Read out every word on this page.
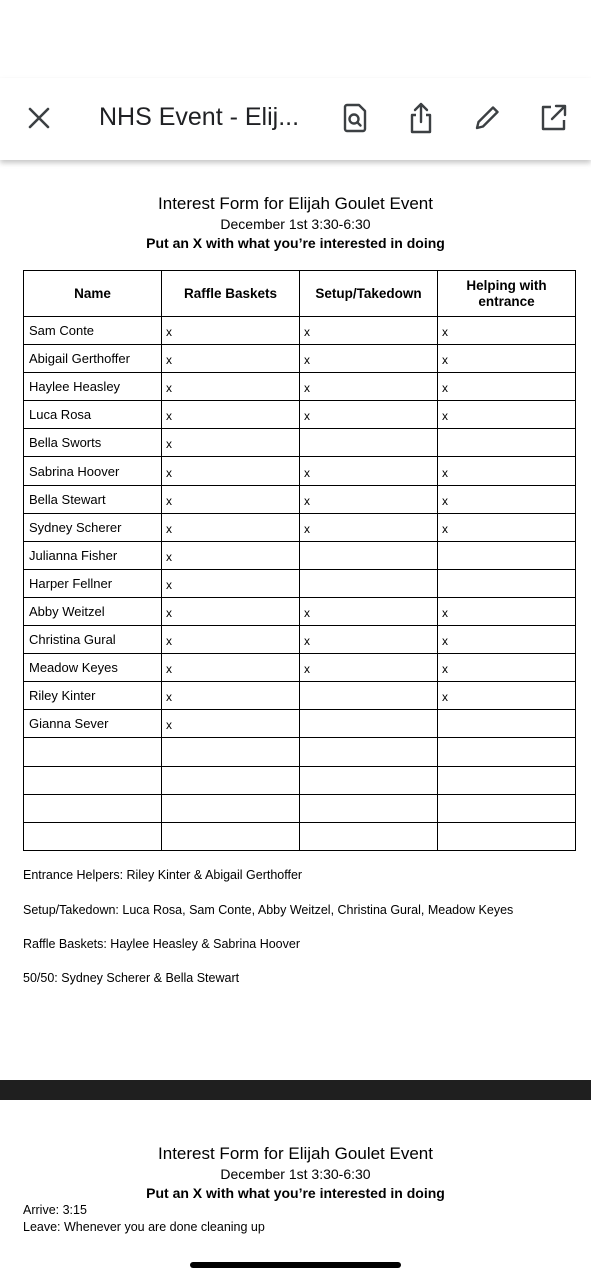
NHS Event - Elij...
Interest Form for Elijah Goulet Event
December 1st 3:30-6:30
Put an X with what you’re interested in doing
Name	Raffle Baskets	Setup/Takedown	Helping with entrance
Sam Conte	x	x	x
Abigail Gerthoffer	x	x	x
Haylee Heasley	x	x	x
Luca Rosa	x	x	x
Bella Sworts	x		
Sabrina Hoover	x	x	x
Bella Stewart	x	x	x
Sydney Scherer	x	x	x
Julianna Fisher	x		
Harper Fellner	x		
Abby Weitzel	x	x	x
Christina Gural	x	x	x
Meadow Keyes	x	x	x
Riley Kinter	x		x
Gianna Sever	x		

Entrance Helpers: Riley Kinter & Abigail Gerthoffer
Setup/Takedown: Luca Rosa, Sam Conte, Abby Weitzel, Christina Gural, Meadow Keyes
Raffle Baskets: Haylee Heasley & Sabrina Hoover
50/50: Sydney Scherer & Bella Stewart
Interest Form for Elijah Goulet Event
December 1st 3:30-6:30
Put an X with what you’re interested in doing
Arrive: 3:15
Leave: Whenever you are done cleaning up
